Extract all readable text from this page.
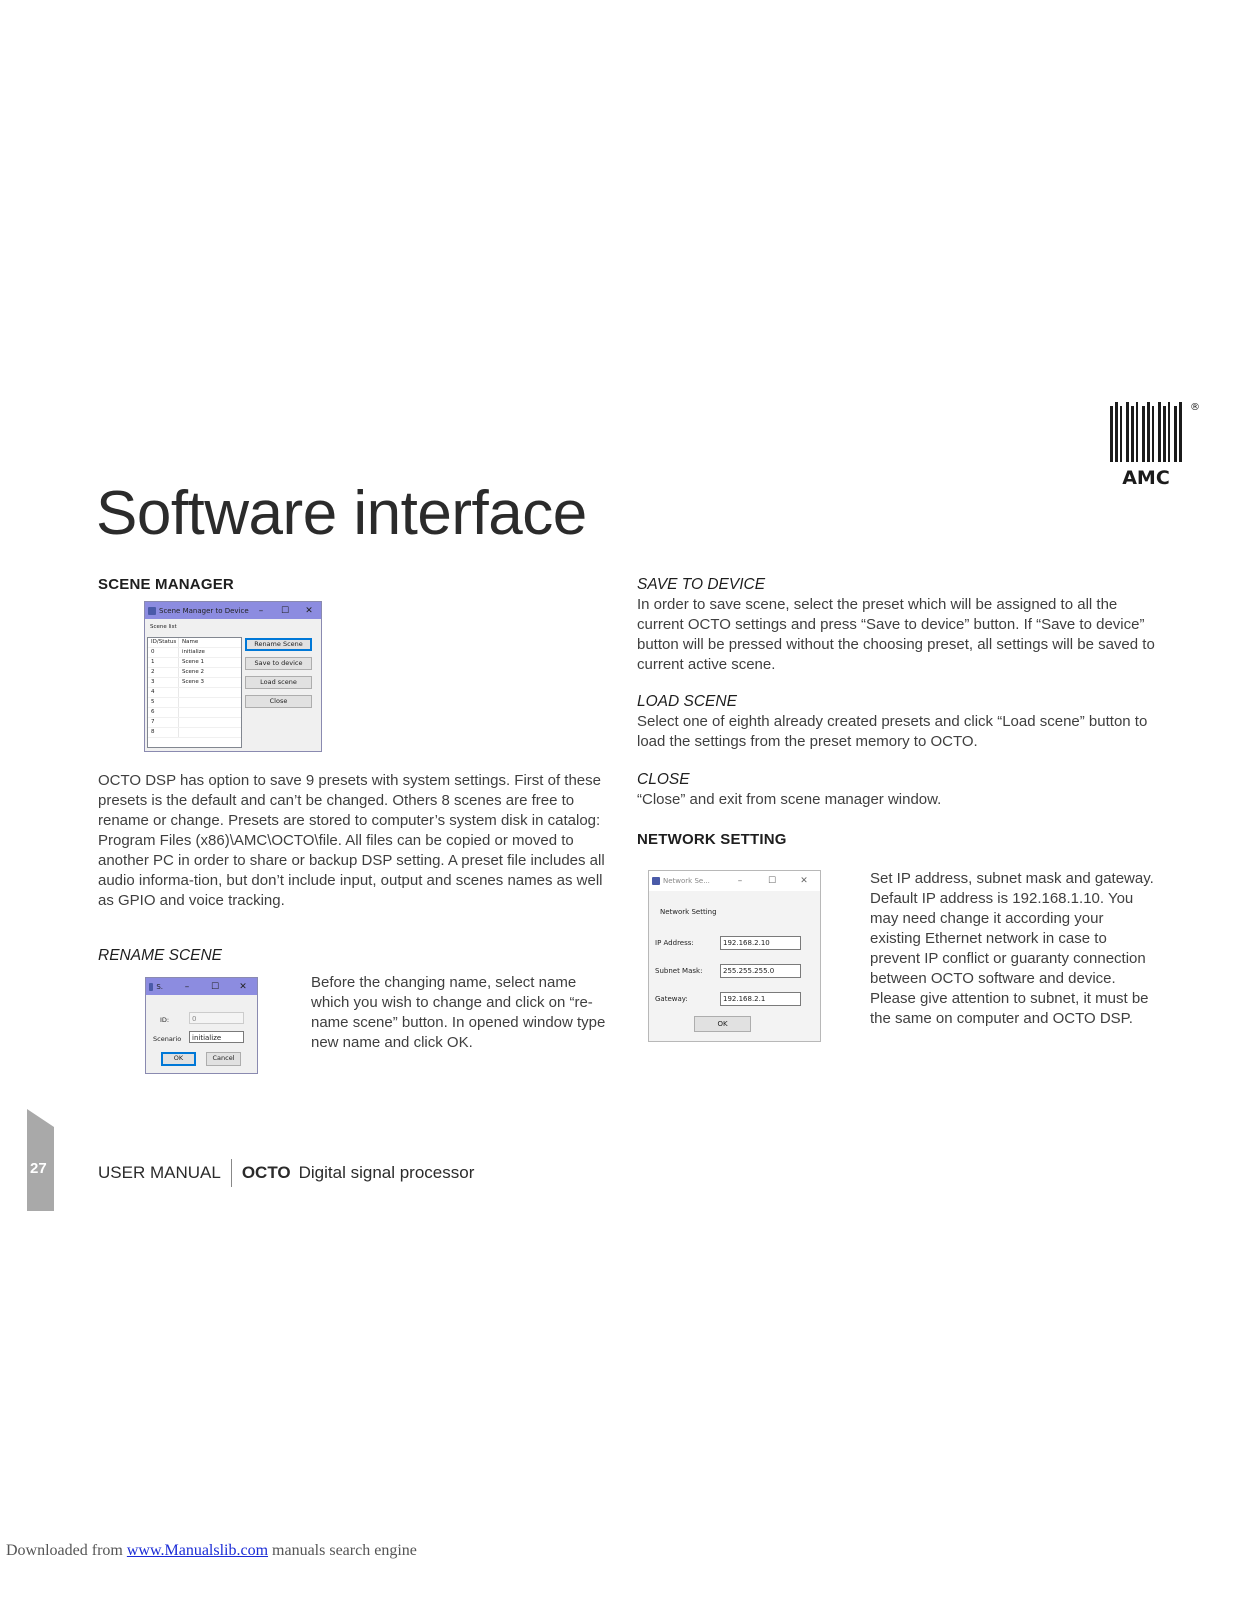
AMC
®
Software interface
SCENE MANAGER
Scene Manager to Device	–	☐	✕
Scene list
ID/Status	Name
0	initialize
1	Scene 1
2	Scene 2
3	Scene 3
4
5
6
7
8
Rename Scene
Save to device
Load scene
Close

OCTO DSP has option to save 9 presets with system settings. First of these presets is the default and can’t be changed. Others 8 scenes are free to rename or change. Presets are stored to computer’s system disk in catalog: Program Files (x86)\AMC\OCTO\file. All files can be copied or moved to another PC in order to share or backup DSP setting. A preset file includes all audio informa-tion, but don’t include input, output and scenes names as well as GPIO and voice tracking.

RENAME SCENE
S.	–	☐	✕
ID:	0
Scenario	initialize
OK	Cancel

Before the changing name, select name which you wish to change and click on “re-name scene” button. In opened window type new name and click OK.

SAVE TO DEVICE

In order to save scene, select the preset which will be assigned to all the current OCTO settings and press “Save to device” button. If “Save to device” button will be pressed without the choosing preset, all settings will be saved to current active scene.

LOAD SCENE

Select one of eighth already created presets and click “Load scene” button to load the settings from the preset memory to OCTO.

CLOSE

“Close” and exit from scene manager window.

NETWORK SETTING
Network Se...	–	☐	✕
Network Setting
IP Address:	192.168.2.10
Subnet Mask:	255.255.255.0
Gateway:	192.168.2.1
OK

Set IP address, subnet mask and gateway. Default IP address is 192.168.1.10. You may need change it according your existing Ethernet network in case to prevent IP conflict or guaranty connection between OCTO software and device. Please give attention to subnet, it must be the same on computer and OCTO DSP.

27	USER MANUAL OCTO Digital signal processor
Downloaded from www.Manualslib.com manuals search engine
